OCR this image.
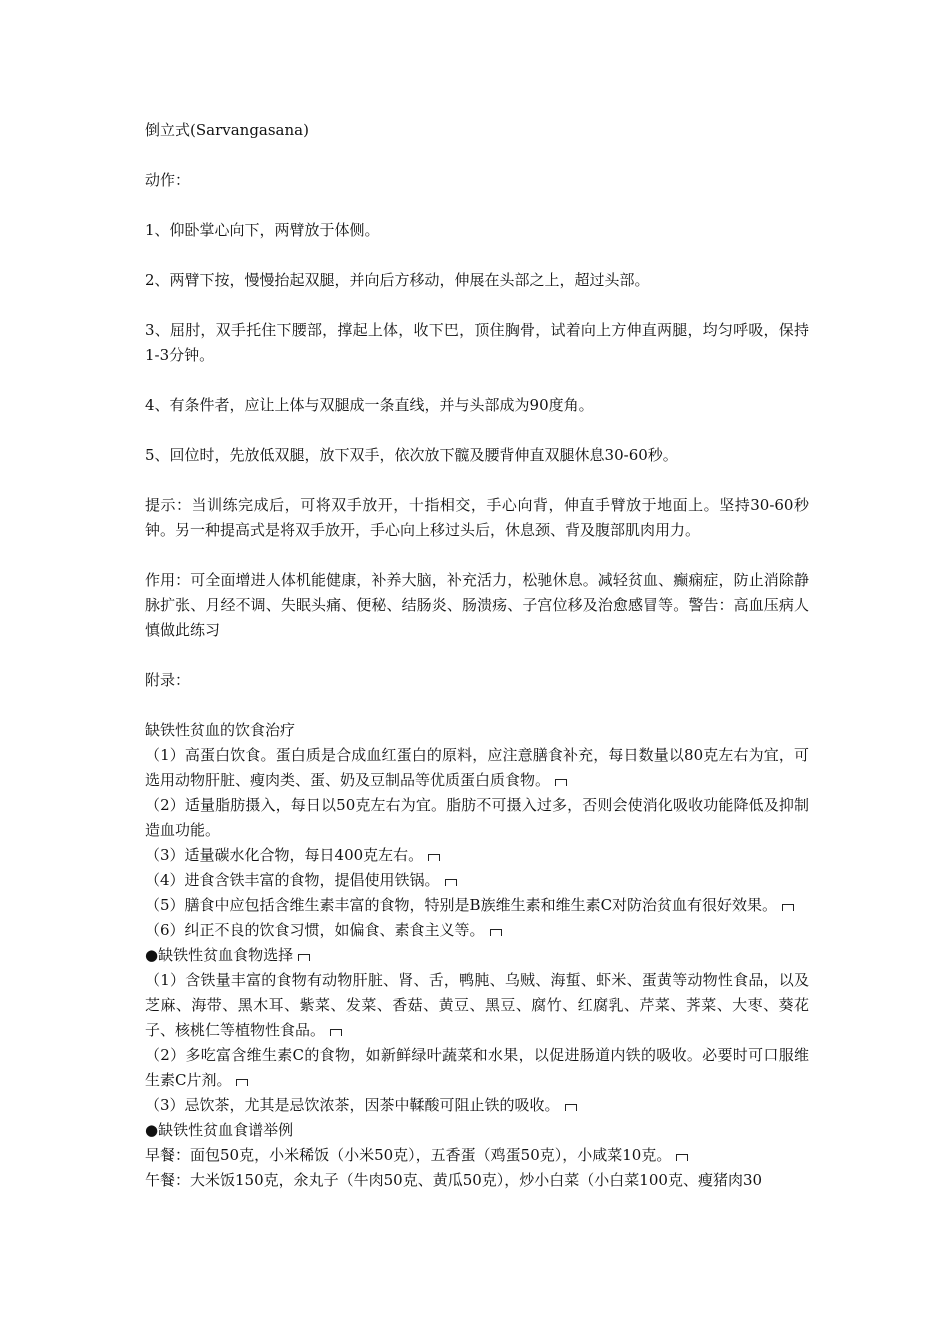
倒立式(Sarvangasana)

动作：

1、仰卧掌心向下，两臂放于体侧。

2、两臂下按，慢慢抬起双腿，并向后方移动，伸展在头部之上，超过头部。

3、屈肘，双手托住下腰部，撑起上体，收下巴，顶住胸骨，试着向上方伸直两腿，均匀呼吸，保持1-3分钟。

4、有条件者，应让上体与双腿成一条直线，并与头部成为90度角。

5、回位时，先放低双腿，放下双手，依次放下髋及腰背伸直双腿休息30-60秒。

提示：当训练完成后，可将双手放开，十指相交，手心向背，伸直手臂放于地面上。坚持30-60秒钟。另一种提高式是将双手放开，手心向上移过头后，休息颈、背及腹部肌肉用力。

作用：可全面增进人体机能健康，补养大脑，补充活力，松驰休息。减轻贫血、癫痫症，防止消除静脉扩张、月经不调、失眠头痛、便秘、结肠炎、肠溃疡、子宫位移及治愈感冒等。警告：高血压病人慎做此练习

附录：

缺铁性贫血的饮食治疗

（1）高蛋白饮食。蛋白质是合成血红蛋白的原料，应注意膳食补充，每日数量以80克左右为宜，可选用动物肝脏、瘦肉类、蛋、奶及豆制品等优质蛋白质食物。

（2）适量脂肪摄入，每日以50克左右为宜。脂肪不可摄入过多，否则会使消化吸收功能降低及抑制造血功能。

（3）适量碳水化合物，每日400克左右。

（4）进食含铁丰富的食物，提倡使用铁锅。

（5）膳食中应包括含维生素丰富的食物，特别是B族维生素和维生素C对防治贫血有很好效果。

（6）纠正不良的饮食习惯，如偏食、素食主义等。

●缺铁性贫血食物选择

（1）含铁量丰富的食物有动物肝脏、肾、舌，鸭肫、乌贼、海蜇、虾米、蛋黄等动物性食品，以及芝麻、海带、黑木耳、紫菜、发菜、香菇、黄豆、黑豆、腐竹、红腐乳、芹菜、荠菜、大枣、葵花子、核桃仁等植物性食品。

（2）多吃富含维生素C的食物，如新鲜绿叶蔬菜和水果，以促进肠道内铁的吸收。必要时可口服维生素C片剂。

（3）忌饮茶，尤其是忌饮浓茶，因茶中鞣酸可阻止铁的吸收。

●缺铁性贫血食谱举例

早餐：面包50克，小米稀饭（小米50克），五香蛋（鸡蛋50克），小咸菜10克。

午餐：大米饭150克，氽丸子（牛肉50克、黄瓜50克），炒小白菜（小白菜100克、瘦猪肉30
